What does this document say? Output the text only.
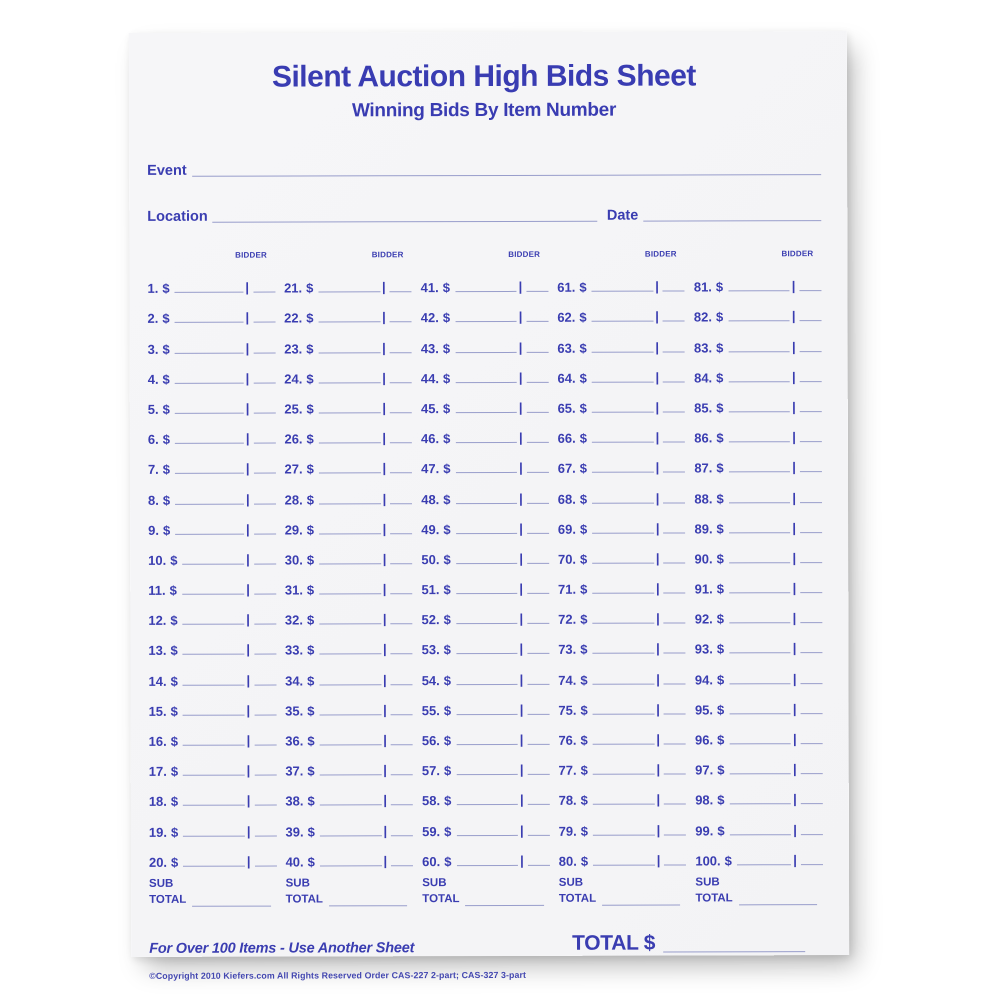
Silent Auction High Bids Sheet
Winning Bids By Item Number
Event
Location	Date
BIDDER
1. $	|
2. $	|
3. $	|
4. $	|
5. $	|
6. $	|
7. $	|
8. $	|
9. $	|
10. $	|
11. $	|
12. $	|
13. $	|
14. $	|
15. $	|
16. $	|
17. $	|
18. $	|
19. $	|
20. $	|
SUB
TOTAL
BIDDER
21. $	|
22. $	|
23. $	|
24. $	|
25. $	|
26. $	|
27. $	|
28. $	|
29. $	|
30. $	|
31. $	|
32. $	|
33. $	|
34. $	|
35. $	|
36. $	|
37. $	|
38. $	|
39. $	|
40. $	|
SUB
TOTAL
BIDDER
41. $	|
42. $	|
43. $	|
44. $	|
45. $	|
46. $	|
47. $	|
48. $	|
49. $	|
50. $	|
51. $	|
52. $	|
53. $	|
54. $	|
55. $	|
56. $	|
57. $	|
58. $	|
59. $	|
60. $	|
SUB
TOTAL
BIDDER
61. $	|
62. $	|
63. $	|
64. $	|
65. $	|
66. $	|
67. $	|
68. $	|
69. $	|
70. $	|
71. $	|
72. $	|
73. $	|
74. $	|
75. $	|
76. $	|
77. $	|
78. $	|
79. $	|
80. $	|
SUB
TOTAL
BIDDER
81. $	|
82. $	|
83. $	|
84. $	|
85. $	|
86. $	|
87. $	|
88. $	|
89. $	|
90. $	|
91. $	|
92. $	|
93. $	|
94. $	|
95. $	|
96. $	|
97. $	|
98. $	|
99. $	|
100. $	|
SUB
TOTAL
For Over 100 Items - Use Another Sheet	TOTAL $
©Copyright 2010 Kiefers.com All Rights Reserved Order CAS-227 2-part; CAS-327 3-part
